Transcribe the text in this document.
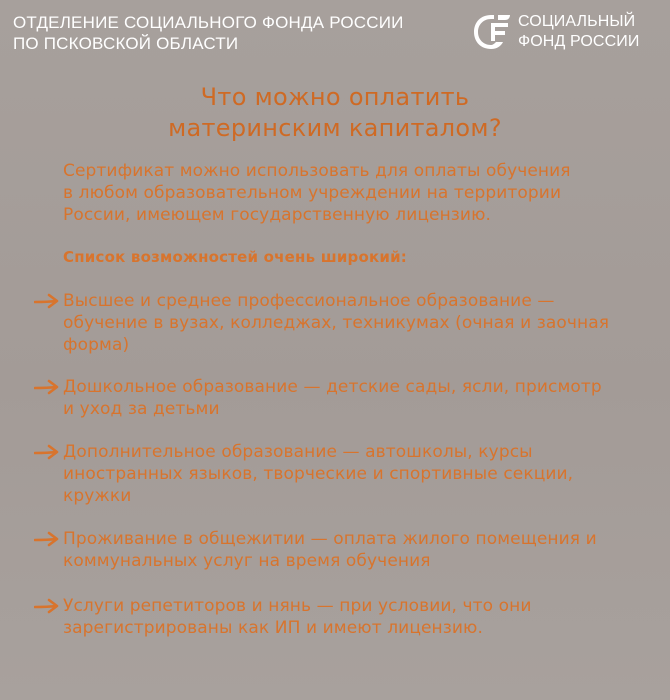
ОТДЕЛЕНИЕ СОЦИАЛЬНОГО ФОНДА РОССИИ
ПО ПСКОВСКОЙ ОБЛАСТИ
СОЦИАЛЬНЫЙ
ФОНД РОССИИ
Что можно оплатить
материнским капиталом?
Сертификат можно использовать для оплаты обучения
в любом образовательном учреждении на территории
России, имеющем государственную лицензию.
Список возможностей очень широкий:
Высшее и среднее профессиональное образование —
обучение в вузах, колледжах, техникумах (очная и заочная
форма)
Дошкольное образование — детские сады, ясли, присмотр
и уход за детьми
Дополнительное образование — автошколы, курсы
иностранных языков, творческие и спортивные секции,
кружки
Проживание в общежитии — оплата жилого помещения и
коммунальных услуг на время обучения
Услуги репетиторов и нянь — при условии, что они
зарегистрированы как ИП и имеют лицензию.
